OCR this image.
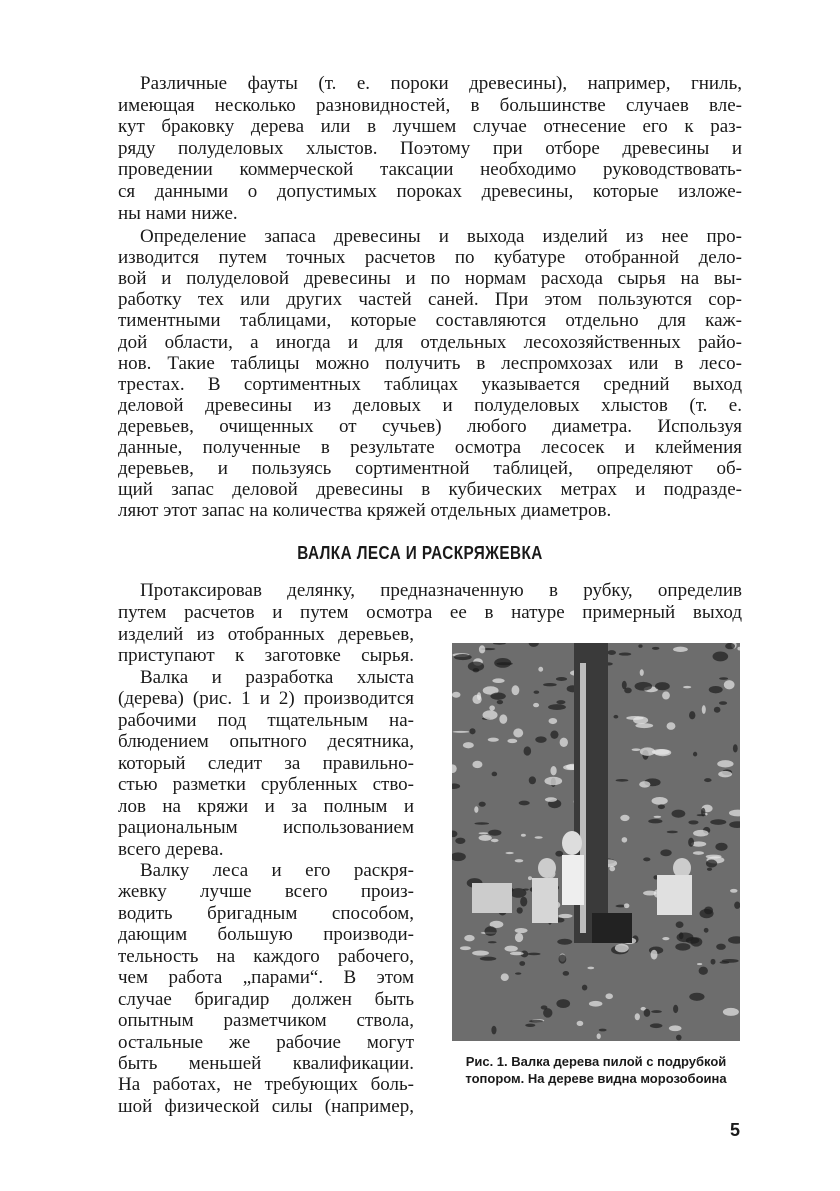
Различные фауты (т. е. пороки древесины), например, гниль,
имеющая несколько разновидностей, в большинстве случаев вле-
кут браковку дерева или в лучшем случае отнесение его к раз-
ряду полуделовых хлыстов. Поэтому при отборе древесины и
проведении коммерческой таксации необходимо руководствовать-
ся данными о допустимых пороках древесины, которые изложе-
ны нами ниже.
Определение запаса древесины и выхода изделий из нее про-
изводится путем точных расчетов по кубатуре отобранной дело-
вой и полуделовой древесины и по нормам расхода сырья на вы-
работку тех или других частей саней. При этом пользуются сор-
тиментными таблицами, которые составляются отдельно для каж-
дой области, а иногда и для отдельных лесохозяйственных райо-
нов. Такие таблицы можно получить в леспромхозах или в лесо-
трестах. В сортиментных таблицах указывается средний выход
деловой древесины из деловых и полуделовых хлыстов (т. е.
деревьев, очищенных от сучьев) любого диаметра. Используя
данные, полученные в результате осмотра лесосек и клеймения
деревьев, и пользуясь сортиментной таблицей, определяют об-
щий запас деловой древесины в кубических метрах и подразде-
ляют этот запас на количества кряжей отдельных диаметров.
ВАЛКА ЛЕСА И РАСКРЯЖЕВКА
Протаксировав делянку, предназначенную в рубку, определив
путем расчетов и путем осмотра ее в натуре примерный выход
изделий из отобранных деревьев,
приступают к заготовке сырья.
Валка и разработка хлыста
(дерева) (рис. 1 и 2) производится
рабочими под тщательным на-
блюдением опытного десятника,
который следит за правильно-
стью разметки срубленных ство-
лов на кряжи и за полным и
рациональным использованием
всего дерева.
Валку леса и его раскря-
жевку лучше всего произ-
водить бригадным способом,
дающим большую производи-
тельность на каждого рабочего,
чем работа „парами“. В этом
случае бригадир должен быть
опытным разметчиком ствола,
остальные же рабочие могут
быть меньшей квалификации.
На работах, не требующих боль-
шой физической силы (например,
Рис. 1. Валка дерева пилой с подрубкой топором. На дереве видна морозобоина
5
